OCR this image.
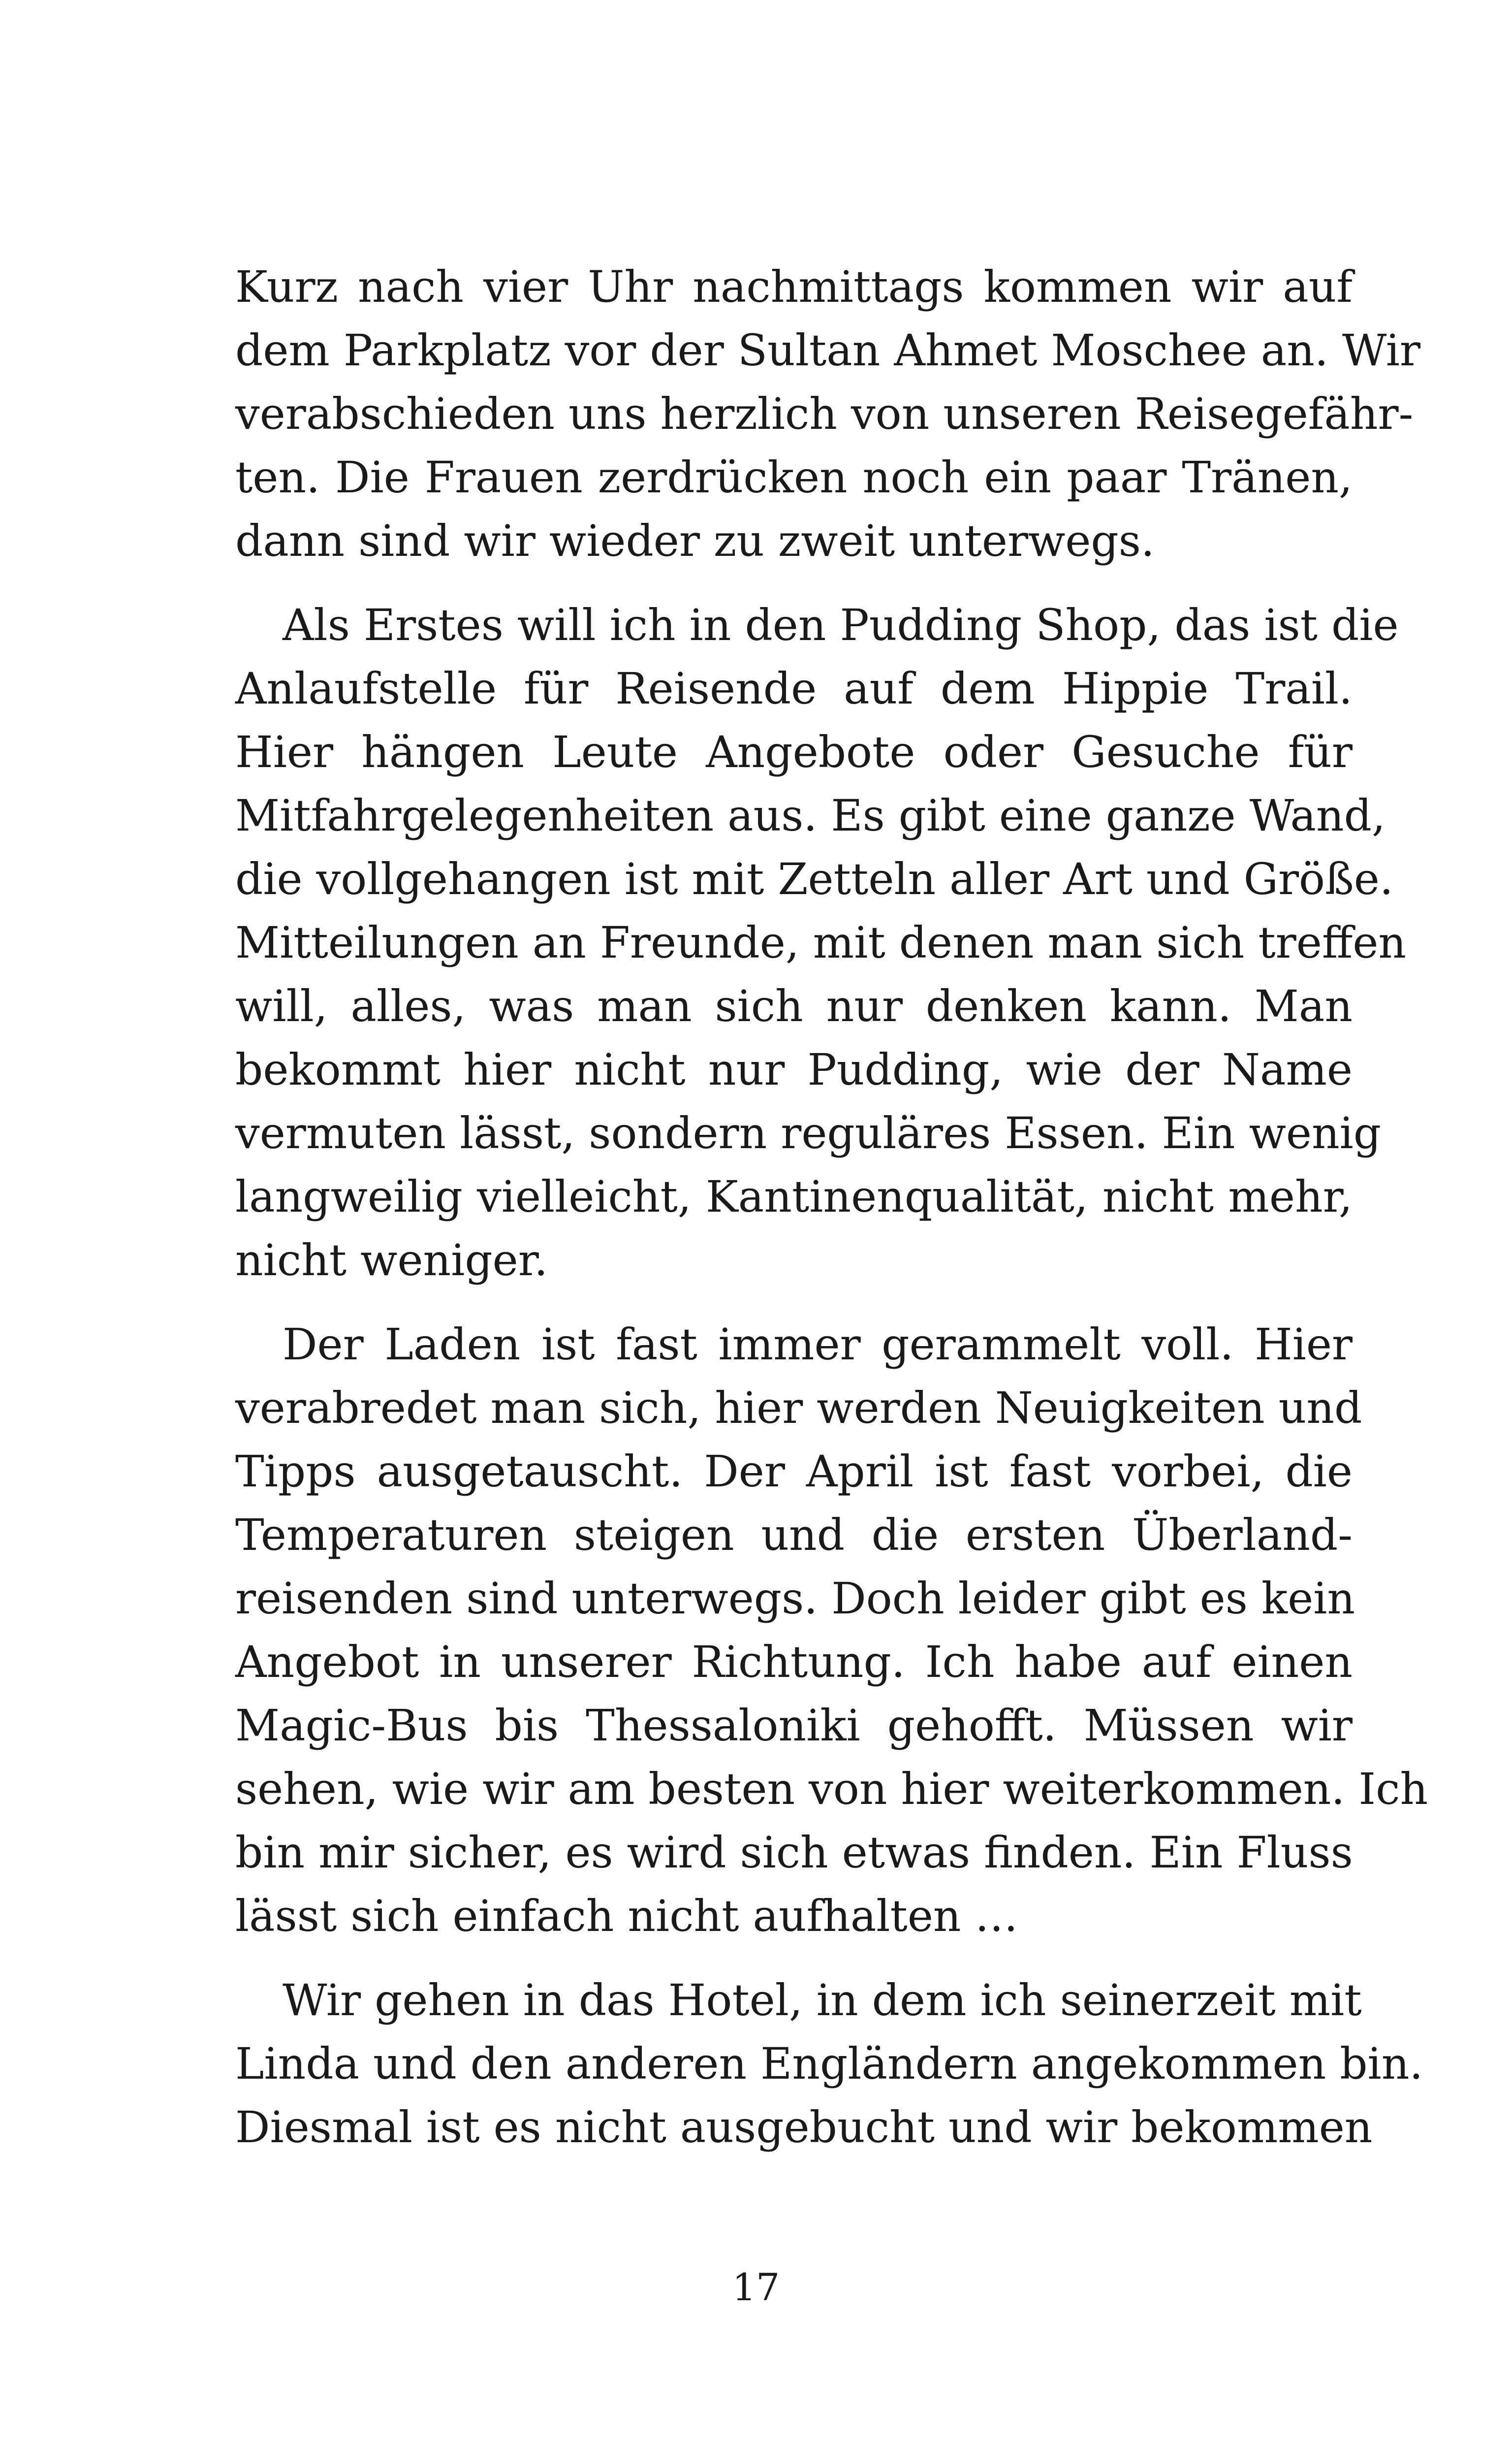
Kurz nach vier Uhr nachmittags kommen wir auf
dem Parkplatz vor der Sultan Ahmet Moschee an. Wir
verabschieden uns herzlich von unseren Reisegefähr-
ten. Die Frauen zerdrücken noch ein paar Tränen,
dann sind wir wieder zu zweit unterwegs.
Als Erstes will ich in den Pudding Shop, das ist die
Anlaufstelle für Reisende auf dem Hippie Trail.
Hier hängen Leute Angebote oder Gesuche für
Mitfahrgelegenheiten aus. Es gibt eine ganze Wand,
die vollgehangen ist mit Zetteln aller Art und Größe.
Mitteilungen an Freunde, mit denen man sich treffen
will, alles, was man sich nur denken kann. Man
bekommt hier nicht nur Pudding, wie der Name
vermuten lässt, sondern reguläres Essen. Ein wenig
langweilig vielleicht, Kantinenqualität, nicht mehr,
nicht weniger.
Der Laden ist fast immer gerammelt voll. Hier
verabredet man sich, hier werden Neuigkeiten und
Tipps ausgetauscht. Der April ist fast vorbei, die
Temperaturen steigen und die ersten Überland-
reisenden sind unterwegs. Doch leider gibt es kein
Angebot in unserer Richtung. Ich habe auf einen
Magic-Bus bis Thessaloniki gehofft. Müssen wir
sehen, wie wir am besten von hier weiterkommen. Ich
bin mir sicher, es wird sich etwas finden. Ein Fluss
lässt sich einfach nicht aufhalten …
Wir gehen in das Hotel, in dem ich seinerzeit mit
Linda und den anderen Engländern angekommen bin.
Diesmal ist es nicht ausgebucht und wir bekommen
17
